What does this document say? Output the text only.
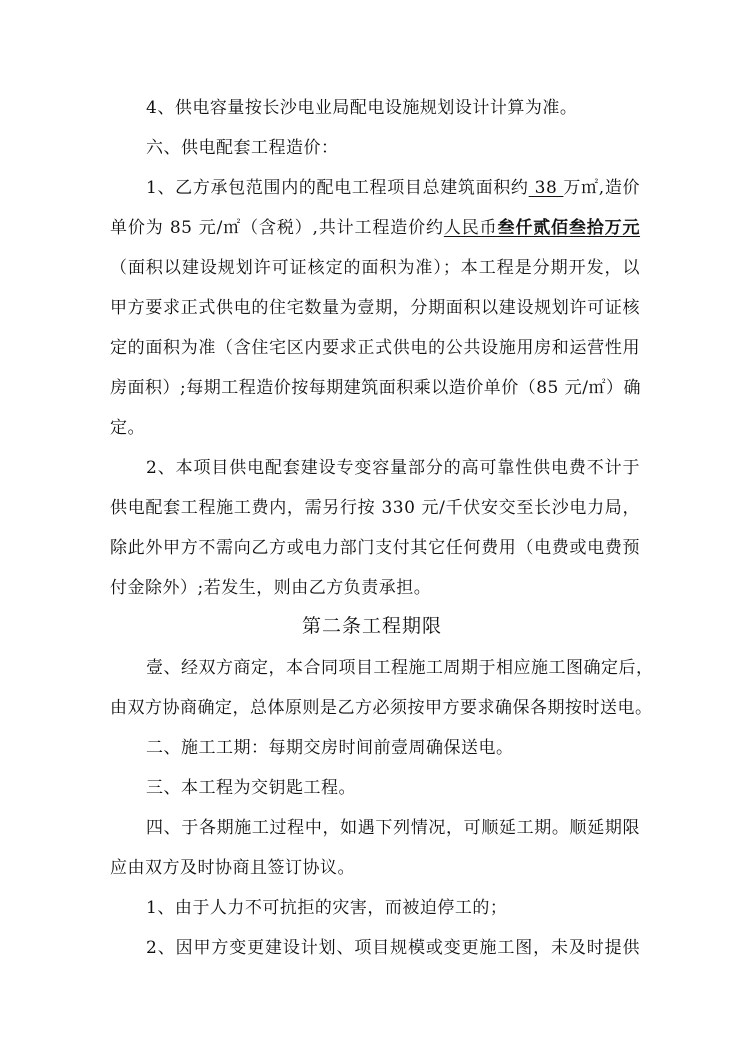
4、供电容量按长沙电业局配电设施规划设计计算为准。
六、供电配套工程造价：
1、乙方承包范围内的配电工程项目总建筑面积约 38 万㎡,造价
单价为 85 元/㎡（含税）,共计工程造价约人民币叁仟贰佰叁拾万元
（面积以建设规划许可证核定的面积为准）；本工程是分期开发，以
甲方要求正式供电的住宅数量为壹期，分期面积以建设规划许可证核
定的面积为准（含住宅区内要求正式供电的公共设施用房和运营性用
房面积）;每期工程造价按每期建筑面积乘以造价单价（85 元/㎡）确
定。
2、本项目供电配套建设专变容量部分的高可靠性供电费不计于
供电配套工程施工费内，需另行按 330 元/千伏安交至长沙电力局，
除此外甲方不需向乙方或电力部门支付其它任何费用（电费或电费预
付金除外）;若发生，则由乙方负责承担。
第二条工程期限
壹、经双方商定，本合同项目工程施工周期于相应施工图确定后，
由双方协商确定，总体原则是乙方必须按甲方要求确保各期按时送电。
二、施工工期：每期交房时间前壹周确保送电。
三、本工程为交钥匙工程。
四、于各期施工过程中，如遇下列情况，可顺延工期。顺延期限
应由双方及时协商且签订协议。
1、由于人力不可抗拒的灾害，而被迫停工的；
2、因甲方变更建设计划、项目规模或变更施工图，未及时提供
